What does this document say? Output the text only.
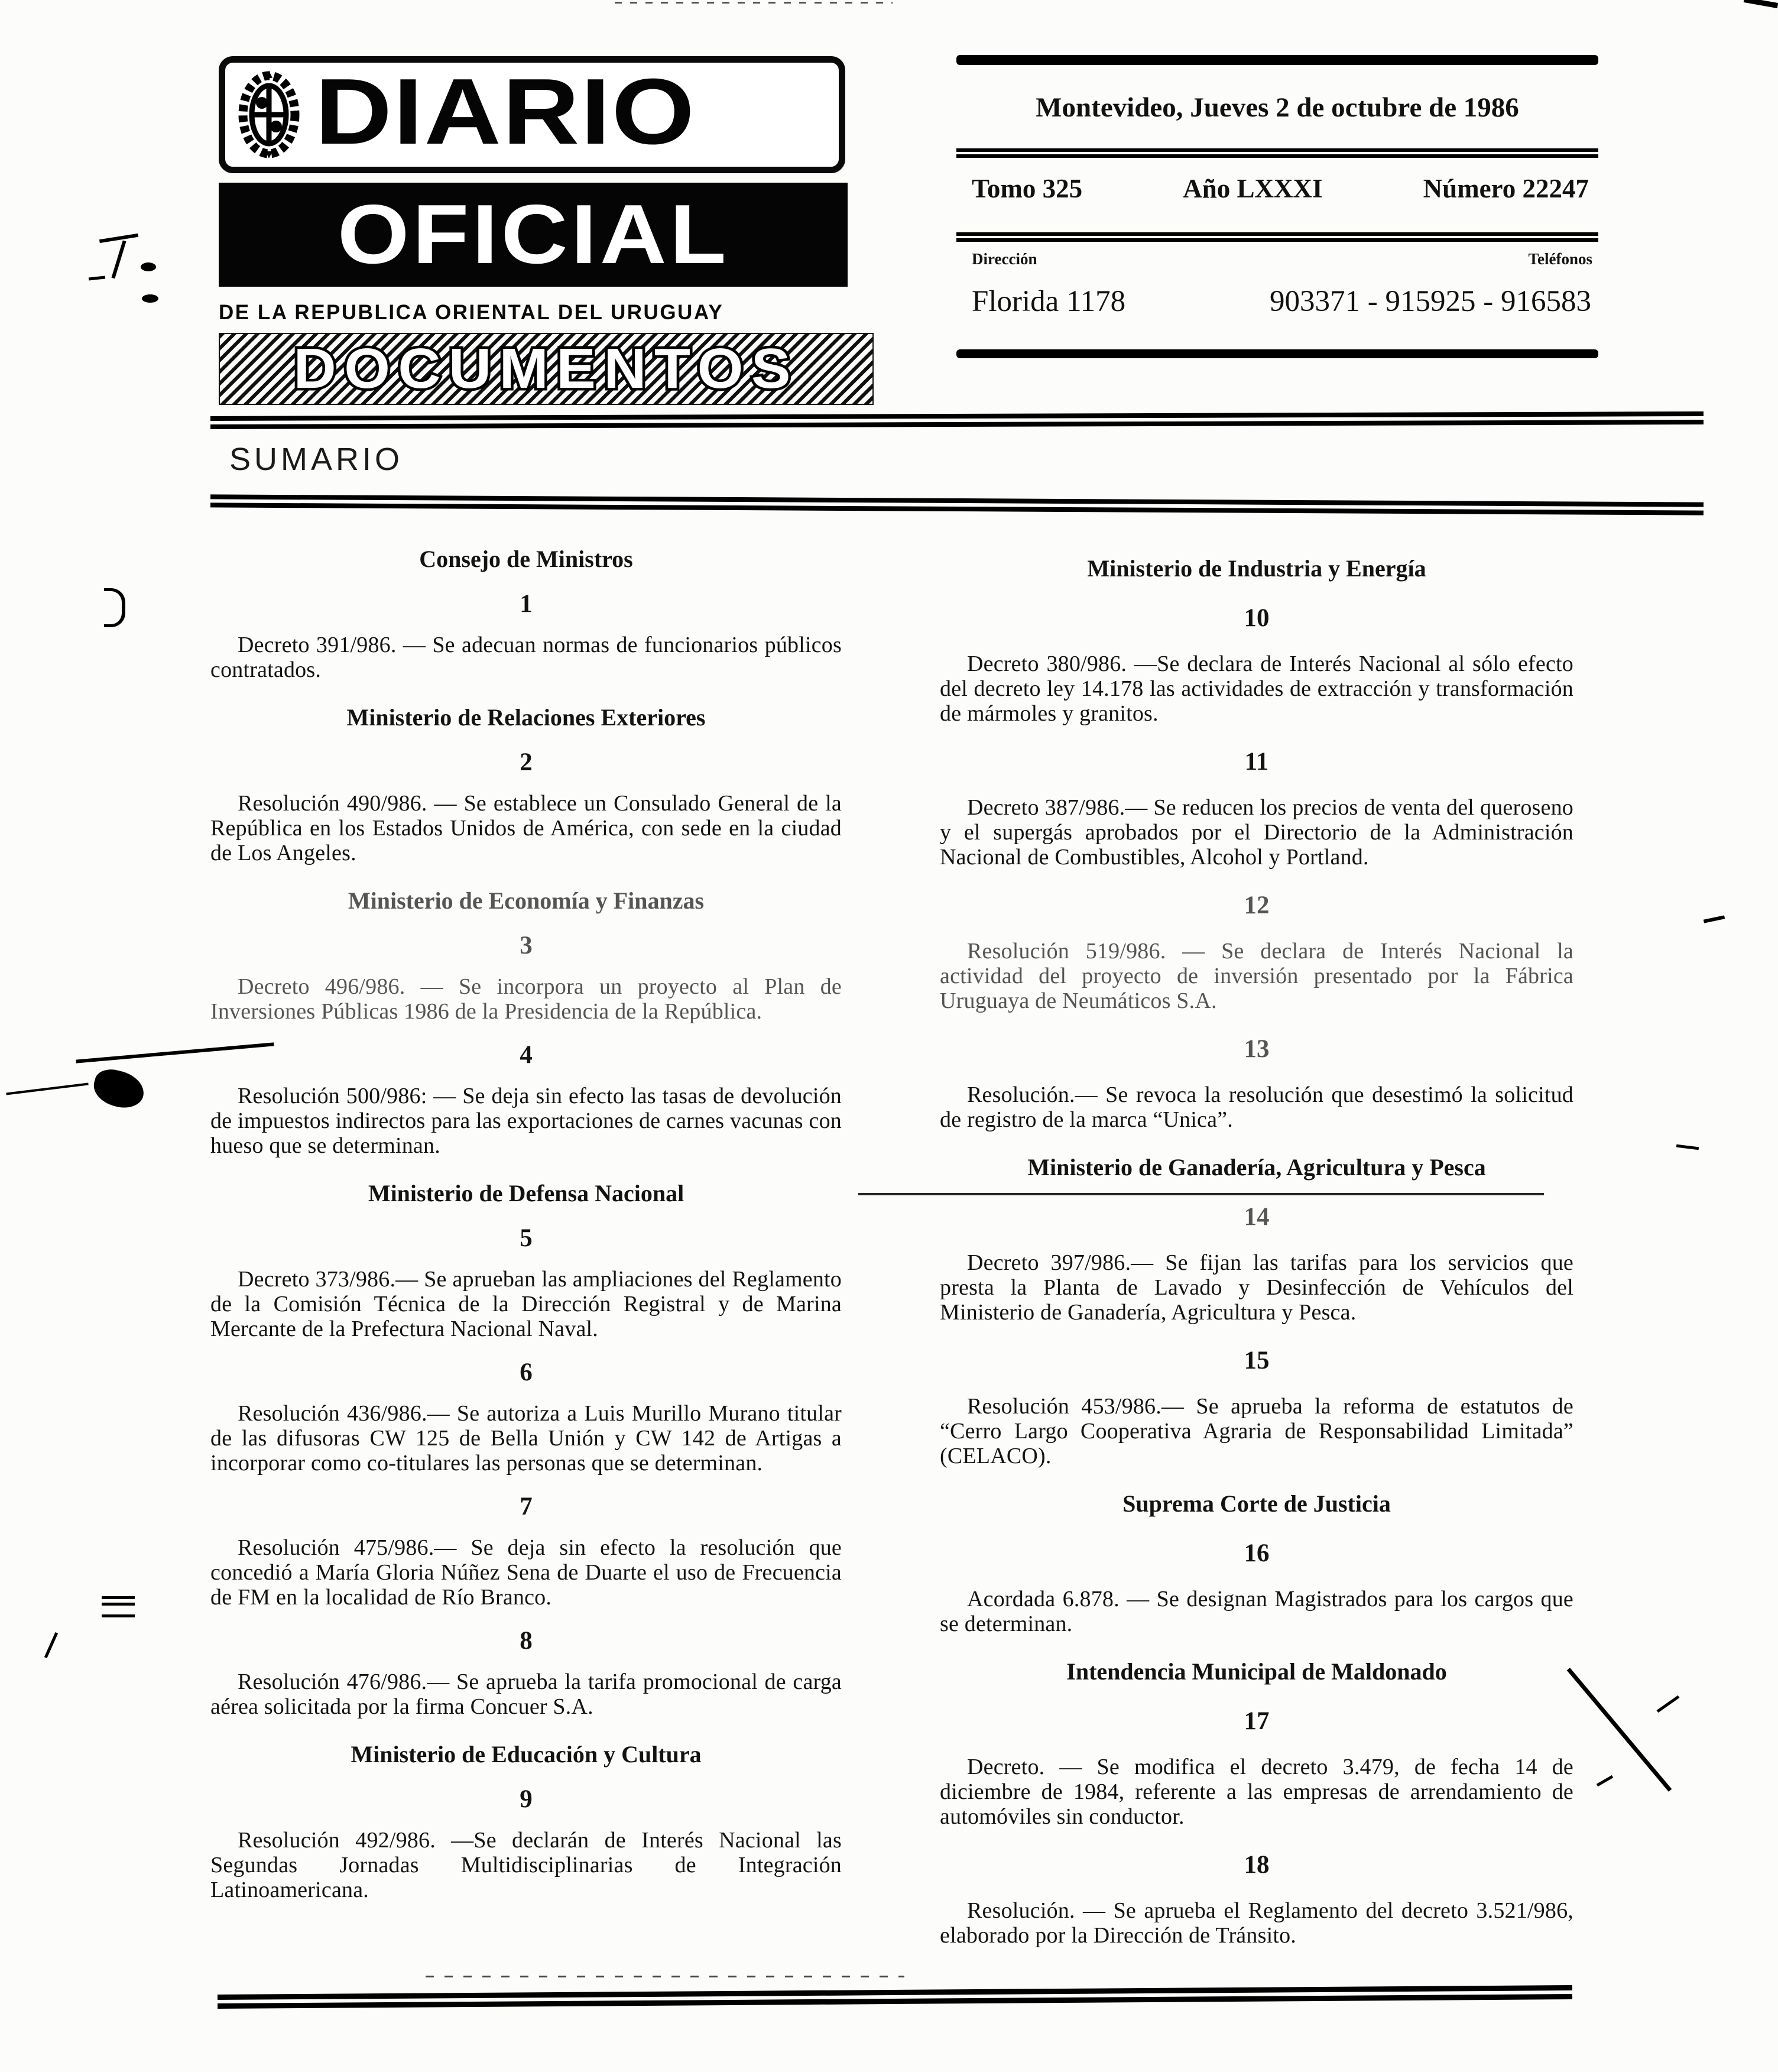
DIARIO
OFICIAL
DE LA REPUBLICA ORIENTAL DEL URUGUAY
DOCUMENTOS
Montevideo, Jueves 2 de octubre de 1986
Tomo 325	Año LXXXI	Número 22247
Dirección	Teléfonos
Florida 1178	903371 - 915925 - 916583
SUMARIO
Consejo de Ministros
1
Decreto 391/986. — Se adecuan normas de funcionarios públicos contratados.
Ministerio de Relaciones Exteriores
2
Resolución 490/986. — Se establece un Consulado General de la República en los Estados Unidos de América, con sede en la ciudad de Los Angeles.
Ministerio de Economía y Finanzas
3
Decreto 496/986. — Se incorpora un proyecto al Plan de Inversiones Públicas 1986 de la Presidencia de la República.
4
Resolución 500/986: — Se deja sin efecto las tasas de devolución de impuestos indirectos para las exportaciones de carnes vacunas con hueso que se determinan.
Ministerio de Defensa Nacional
5
Decreto 373/986.— Se aprueban las ampliaciones del Reglamento de la Comisión Técnica de la Dirección Registral y de Marina Mercante de la Prefectura Nacional Naval.
6
Resolución 436/986.— Se autoriza a Luis Murillo Murano titular de las difusoras CW 125 de Bella Unión y CW 142 de Artigas a incorporar como co-titulares las personas que se determinan.
7
Resolución 475/986.— Se deja sin efecto la resolución que concedió a María Gloria Núñez Sena de Duarte el uso de Frecuencia de FM en la localidad de Río Branco.
8
Resolución 476/986.— Se aprueba la tarifa promocional de carga aérea solicitada por la firma Concuer S.A.
Ministerio de Educación y Cultura
9
Resolución 492/986. —Se declarán de Interés Nacional las Segundas Jornadas Multidisciplinarias de Integración Latinoamericana.
Ministerio de Industria y Energía
10
Decreto 380/986. —Se declara de Interés Nacional al sólo efecto del decreto ley 14.178 las actividades de extracción y transformación de mármoles y granitos.
11
Decreto 387/986.— Se reducen los precios de venta del queroseno y el supergás aprobados por el Directorio de la Administración Nacional de Combustibles, Alcohol y Portland.
12
Resolución 519/986. — Se declara de Interés Nacional la actividad del proyecto de inversión presentado por la Fábrica Uruguaya de Neumáticos S.A.
13
Resolución.— Se revoca la resolución que desestimó la solicitud de registro de la marca “Unica”.
Ministerio de Ganadería, Agricultura y Pesca
14
Decreto 397/986.— Se fijan las tarifas para los servicios que presta la Planta de Lavado y Desinfección de Vehículos del Ministerio de Ganadería, Agricultura y Pesca.
15
Resolución 453/986.— Se aprueba la reforma de estatutos de “Cerro Largo Cooperativa Agraria de Responsabilidad Limitada” (CELACO).
Suprema Corte de Justicia
16
Acordada 6.878. — Se designan Magistrados para los cargos que se determinan.
Intendencia Municipal de Maldonado
17
Decreto. — Se modifica el decreto 3.479, de fecha 14 de diciembre de 1984, referente a las empresas de arrendamiento de automóviles sin conductor.
18
Resolución. — Se aprueba el Reglamento del decreto 3.521/986, elaborado por la Dirección de Tránsito.
